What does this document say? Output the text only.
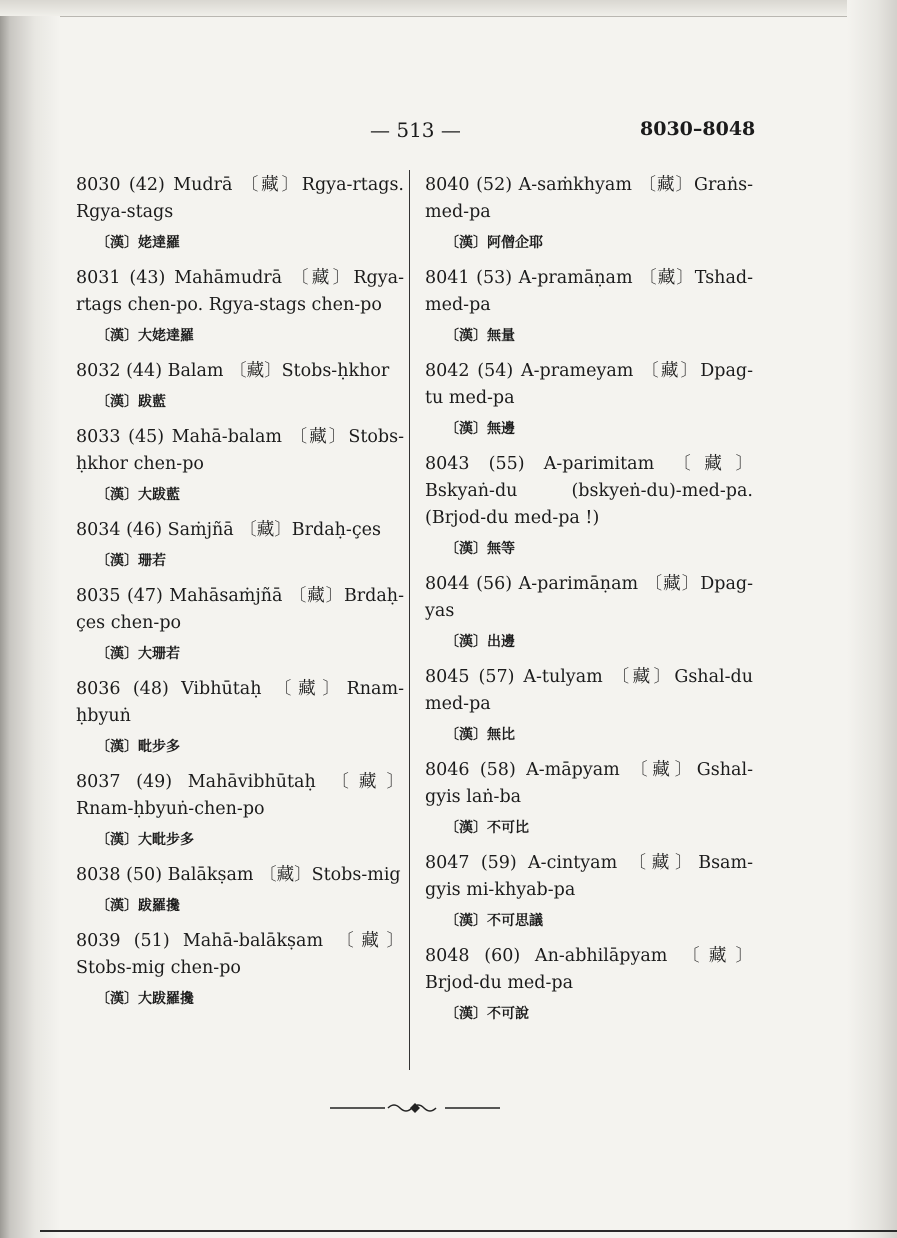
— 513 —	8030–8048
8030 (42) Mudrā 〔藏〕Rgya-rtags. Rgya-stags
〔漢〕姥達羅
8031 (43) Mahāmudrā 〔藏〕Rgya-rtags chen-po. Rgya-stags chen-po
〔漢〕大姥達羅
8032 (44) Balam 〔藏〕Stobs-ḥkhor
〔漢〕跋藍
8033 (45) Mahā-balam 〔藏〕Stobs-ḥkhor chen-po
〔漢〕大跋藍
8034 (46) Saṁjñā 〔藏〕Brdaḥ-çes
〔漢〕珊若
8035 (47) Mahāsaṁjñā 〔藏〕Brdaḥ-çes chen-po
〔漢〕大珊若
8036 (48) Vibhūtaḥ 〔藏〕Rnam-ḥbyuṅ
〔漢〕毗步多
8037 (49) Mahāvibhūtaḥ 〔藏〕Rnam-ḥbyuṅ-chen-po
〔漢〕大毗步多
8038 (50) Balākṣam 〔藏〕Stobs-mig
〔漢〕跋羅攙
8039 (51) Mahā-balākṣam 〔藏〕Stobs-mig chen-po
〔漢〕大跋羅攙
8040 (52) A-saṁkhyam 〔藏〕Graṅs-med-pa
〔漢〕阿僧企耶
8041 (53) A-pramāṇam 〔藏〕Tshad-med-pa
〔漢〕無量
8042 (54) A-prameyam 〔藏〕Dpag-tu med-pa
〔漢〕無邊
8043 (55) A-parimitam 〔藏〕Bskyaṅ-du (bskyeṅ-du)-med-pa. (Brjod-du med-pa !)
〔漢〕無等
8044 (56) A-parimāṇam 〔藏〕Dpag-yas
〔漢〕出邊
8045 (57) A-tulyam 〔藏〕Gshal-du med-pa
〔漢〕無比
8046 (58) A-māpyam 〔藏〕Gshal-gyis laṅ-ba
〔漢〕不可比
8047 (59) A-cintyam 〔藏〕Bsam-gyis mi-khyab-pa
〔漢〕不可思議
8048 (60) An-abhilāpyam 〔藏〕Brjod-du med-pa
〔漢〕不可說
